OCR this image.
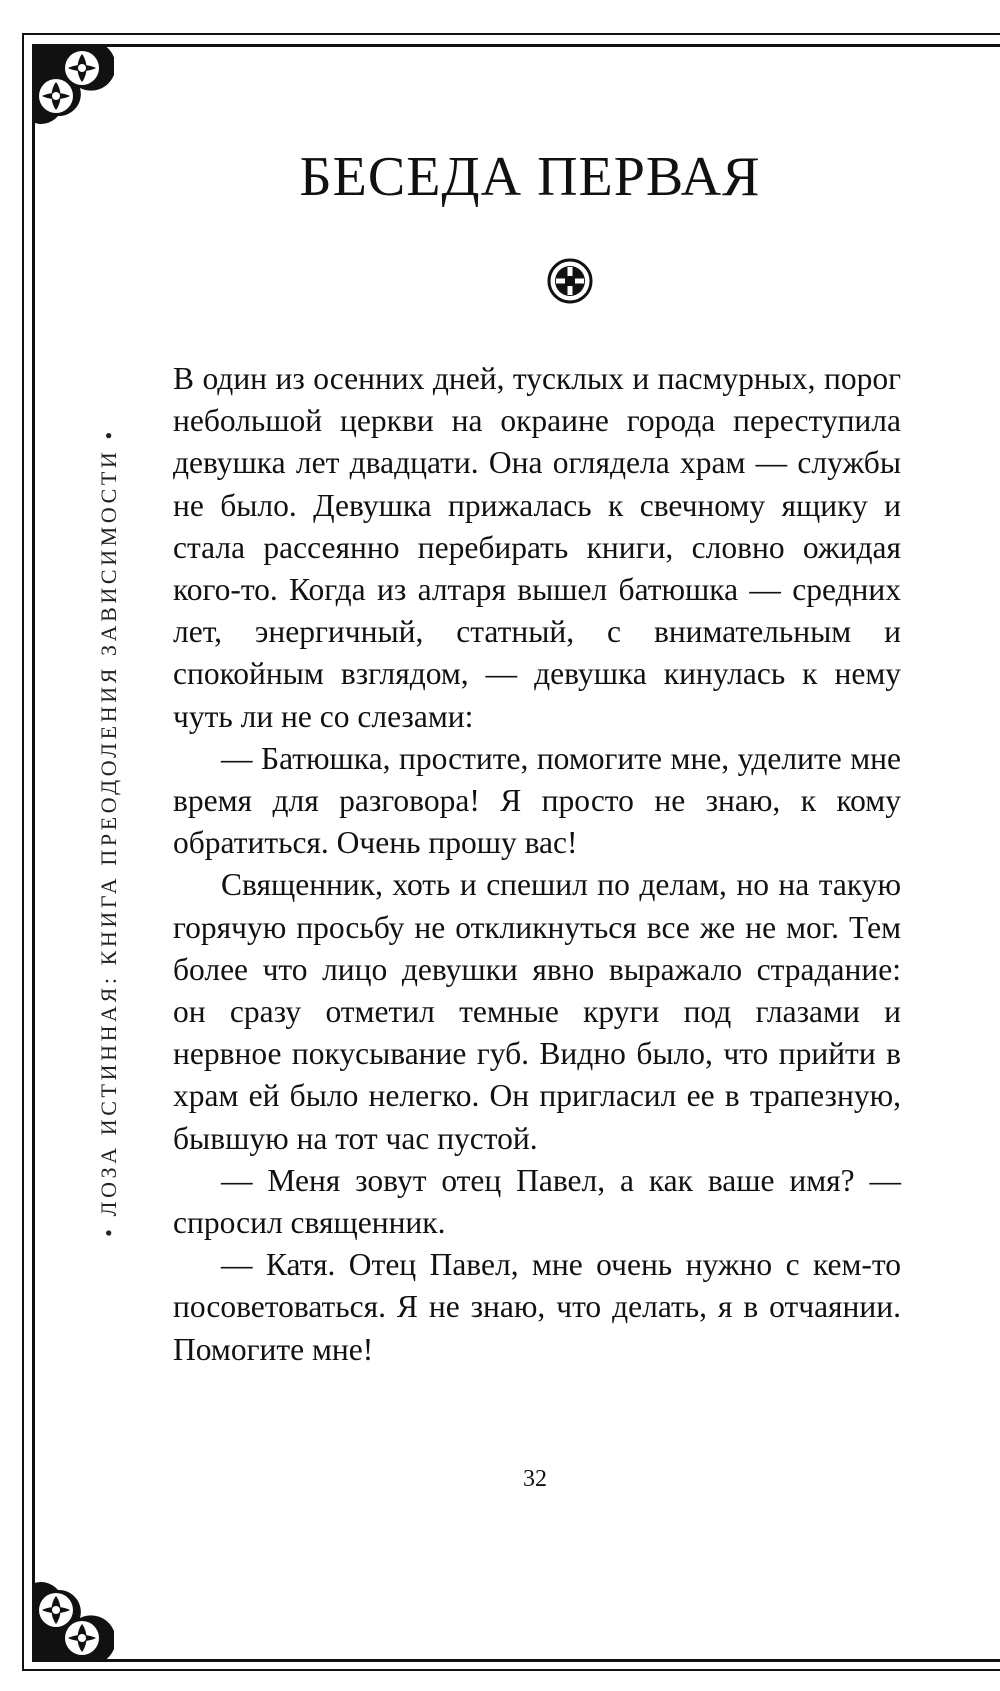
• ЛОЗА ИСТИННАЯ: КНИГА ПРЕОДОЛЕНИЯ ЗАВИСИМОСТИ •
БЕСЕДА ПЕРВАЯ

В один из осенних дней, тусклых и пасмурных, порог небольшой церкви на окраине города переступила девушка лет двадцати. Она оглядела храм — службы не было. Девушка прижалась к свечному ящику и стала рассеянно перебирать книги, словно ожидая кого-то. Когда из алтаря вышел батюшка — средних лет, энергичный, статный, с внимательным и спокойным взглядом, — девушка кинулась к нему чуть ли не со слезами:

— Батюшка, простите, помогите мне, уделите мне время для разговора! Я просто не знаю, к кому обратиться. Очень прошу вас!

Священник, хоть и спешил по делам, но на такую горячую просьбу не откликнуться все же не мог. Тем более что лицо девушки явно выражало страдание: он сразу отметил темные круги под глазами и нервное покусывание губ. Видно было, что прийти в храм ей было нелегко. Он пригласил ее в трапезную, бывшую на тот час пустой.

— Меня зовут отец Павел, а как ваше имя? — спросил священник.

— Катя. Отец Павел, мне очень нужно с кем-то посоветоваться. Я не знаю, что делать, я в отчаянии. Помогите мне!

32
